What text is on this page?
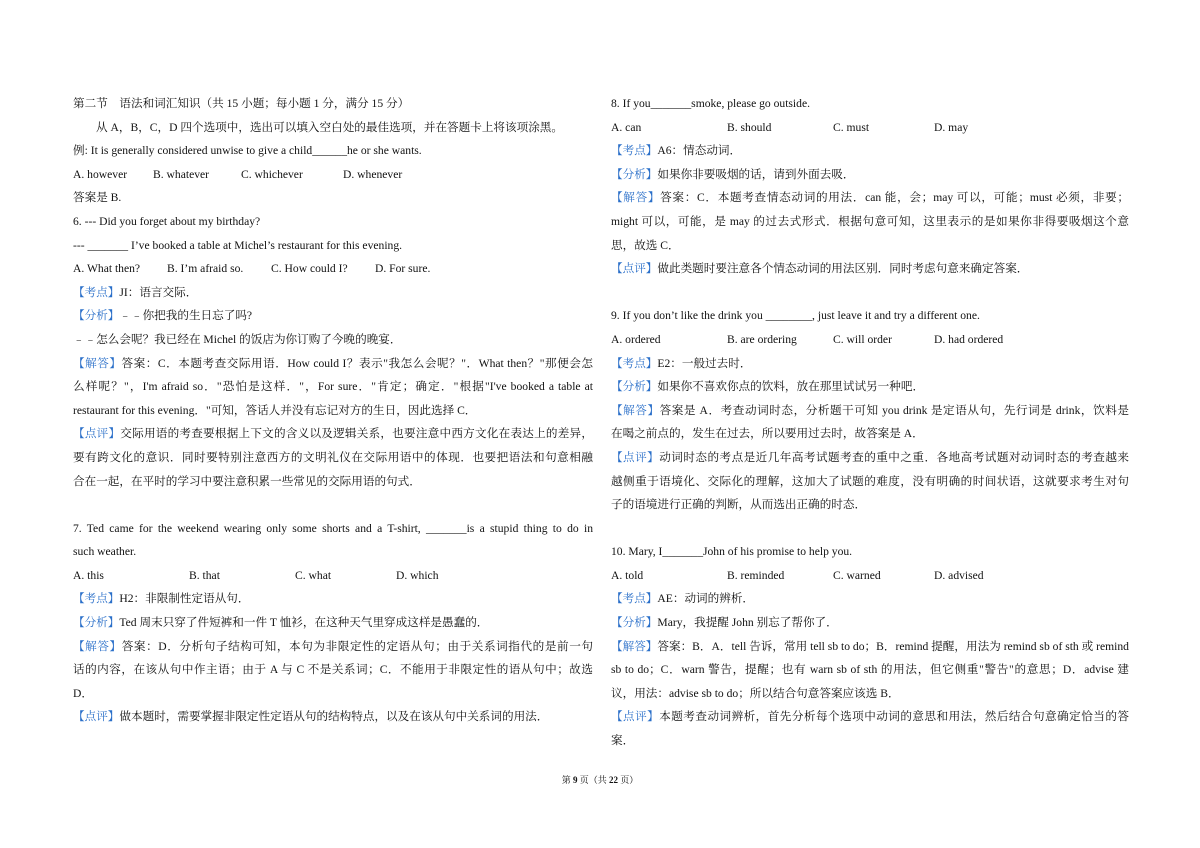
第二节　语法和词汇知识（共 15 小题；每小题 1 分，满分 15 分）
从 A，B，C，D 四个选项中，选出可以填入空白处的最佳选项，并在答题卡上将该项涂黑。
例: It is generally considered unwise to give a child______he or she wants.
A. however	B. whatever	C. whichever	D. whenever
答案是 B.
6. --- Did you forget about my birthday?
--- _______ I’ve booked a table at Michel’s restaurant for this evening.
A. What then?	B. I’m afraid so.	C. How could I?	D. For sure.
【考点】JI：语言交际．
【分析】﹣﹣你把我的生日忘了吗?
﹣﹣怎么会呢？我已经在 Michel 的饭店为你订购了今晚的晚宴．
【解答】答案：C．本题考查交际用语．How could I？表示"我怎么会呢？"．What then？"那便会怎
么样呢？"，I'm afraid so．"恐怕是这样．"，For sure．"肯定；确定．"根据"I've booked a table at
restaurant for this evening．"可知，答话人并没有忘记对方的生日，因此选择 C．
【点评】交际用语的考查要根据上下文的含义以及逻辑关系，也要注意中西方文化在表达上的差异，
要有跨文化的意识．同时要特别注意西方的文明礼仪在交际用语中的体现．也要把语法和句意相融
合在一起，在平时的学习中要注意积累一些常见的交际用语的句式．
7. Ted came for the weekend wearing only some shorts and a T-shirt, _______is a stupid thing to do in
such weather.
A. this	B. that	C. what	D. which
【考点】H2：非限制性定语从句．
【分析】Ted 周末只穿了件短裤和一件 T 恤衫，在这种天气里穿成这样是愚蠢的．
【解答】答案：D．分析句子结构可知，本句为非限定性的定语从句；由于关系词指代的是前一句
话的内容，在该从句中作主语；由于 A 与 C 不是关系词；C．不能用于非限定性的语从句中；故选
D．
【点评】做本题时，需要掌握非限定性定语从句的结构特点，以及在该从句中关系词的用法．
8. If you_______smoke, please go outside.
A. can	B. should	C. must	D. may
【考点】A6：情态动词．
【分析】如果你非要吸烟的话，请到外面去吸．
【解答】答案：C．本题考查情态动词的用法．can 能，会；may 可以，可能；must 必须，非要；
might 可以，可能，是 may 的过去式形式．根据句意可知，这里表示的是如果你非得要吸烟这个意
思，故选 C．
【点评】做此类题时要注意各个情态动词的用法区别．同时考虑句意来确定答案．
9. If you don’t like the drink you ________, just leave it and try a different one.
A. ordered	B. are ordering	C. will order	D. had ordered
【考点】E2：一般过去时．
【分析】如果你不喜欢你点的饮料，放在那里试试另一种吧．
【解答】答案是 A．考查动词时态，分析题干可知 you drink 是定语从句，先行词是 drink，饮料是
在喝之前点的，发生在过去，所以要用过去时，故答案是 A．
【点评】动词时态的考点是近几年高考试题考查的重中之重．各地高考试题对动词时态的考查越来
越侧重于语境化、交际化的理解，这加大了试题的难度，没有明确的时间状语，这就要求考生对句
子的语境进行正确的判断，从而选出正确的时态．
10. Mary, I_______John of his promise to help you.
A. told	B. reminded	C. warned	D. advised
【考点】AE：动词的辨析．
【分析】Mary，我提醒 John 别忘了帮你了．
【解答】答案：B．A．tell 告诉，常用 tell sb to do；B．remind 提醒，用法为 remind sb of sth 或 remind
sb to do；C．warn 警告，提醒；也有 warn sb of sth 的用法，但它侧重"警告"的意思；D．advise 建
议，用法：advise sb to do；所以结合句意答案应该选 B．
【点评】本题考查动词辨析，首先分析每个选项中动词的意思和用法，然后结合句意确定恰当的答
案．
第 9 页（共 22 页）
